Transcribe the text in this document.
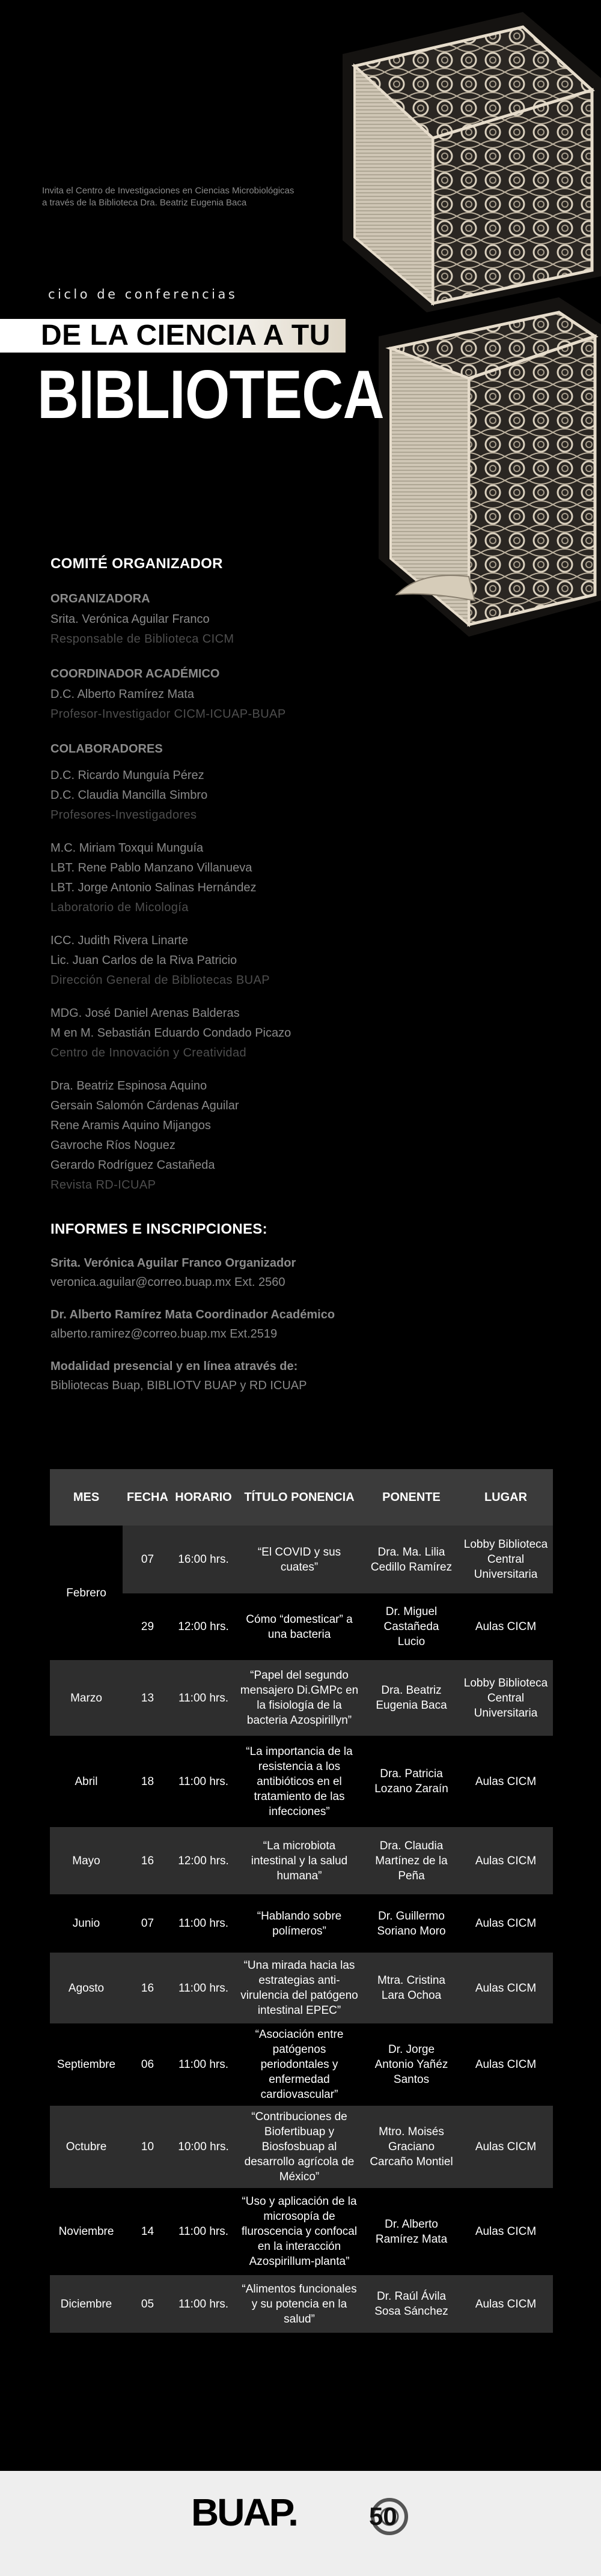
Invita el Centro de Investigaciones en Ciencias Microbiológicas
a través de la Biblioteca Dra. Beatriz Eugenia Baca
ciclo de conferencias
DE LA CIENCIA A TU
BIBLIOTECA
COMITÉ ORGANIZADOR
ORGANIZADORA
Srita. Verónica Aguilar Franco
Responsable de Biblioteca CICM
COORDINADOR ACADÉMICO
D.C. Alberto Ramírez Mata
Profesor-Investigador CICM-ICUAP-BUAP
COLABORADORES
D.C. Ricardo Munguía Pérez
D.C. Claudia Mancilla Simbro
Profesores-Investigadores
M.C. Miriam Toxqui Munguía
LBT. Rene Pablo Manzano Villanueva
LBT. Jorge Antonio Salinas Hernández
Laboratorio de Micología
ICC. Judith Rivera Linarte
Lic. Juan Carlos de la Riva Patricio
Dirección General de Bibliotecas BUAP
MDG. José Daniel Arenas Balderas
M en M. Sebastián Eduardo Condado Picazo
Centro de Innovación y Creatividad
Dra. Beatriz Espinosa Aquino
Gersain Salomón Cárdenas Aguilar
Rene Aramis Aquino Mijangos
Gavroche Ríos Noguez
Gerardo Rodríguez Castañeda
Revista RD-ICUAP
INFORMES E INSCRIPCIONES:
Srita. Verónica Aguilar Franco Organizador
veronica.aguilar@correo.buap.mx Ext. 2560
Dr. Alberto Ramírez Mata Coordinador Académico
alberto.ramirez@correo.buap.mx Ext.2519
Modalidad presencial y en línea através de:
Bibliotecas Buap, BIBLIOTV BUAP y RD ICUAP
MES	FECHA	HORARIO	TÍTULO PONENCIA	PONENTE	LUGAR
Febrero	07	16:00 hrs.	“El COVID y sus cuates”	Dra. Ma. Lilia Cedillo Ramírez	Lobby Biblioteca Central Universitaria
	29	12:00 hrs.	Cómo “domesticar” a una bacteria	Dr. Miguel Castañeda Lucio	Aulas CICM
Marzo	13	11:00 hrs.	“Papel del segundo mensajero Di.GMPc en la fisiología de la bacteria Azospirillyn”	Dra. Beatriz Eugenia Baca	Lobby Biblioteca Central Universitaria
Abril	18	11:00 hrs.	“La importancia de la resistencia a los antibióticos en el tratamiento de las infecciones”	Dra. Patricia Lozano Zaraín	Aulas CICM
Mayo	16	12:00 hrs.	“La microbiota intestinal y la salud humana”	Dra. Claudia Martínez de la Peña	Aulas CICM
Junio	07	11:00 hrs.	“Hablando sobre polímeros”	Dr. Guillermo Soriano Moro	Aulas CICM
Agosto	16	11:00 hrs.	“Una mirada hacia las estrategias anti-virulencia del patógeno intestinal EPEC”	Mtra. Cristina Lara Ochoa	Aulas CICM
Septiembre	06	11:00 hrs.	“Asociación entre patógenos periodontales y enfermedad cardiovascular”	Dr. Jorge Antonio Yañéz Santos	Aulas CICM
Octubre	10	10:00 hrs.	“Contribuciones de Biofertibuap y Biosfosbuap al desarrollo agrícola de México”	Mtro. Moisés Graciano Carcaño Montiel	Aulas CICM
Noviembre	14	11:00 hrs.	“Uso y aplicación de la microsopía de fluroscencia y confocal en la interacción Azospirillum-planta”	Dr. Alberto Ramírez Mata	Aulas CICM
Diciembre	05	11:00 hrs.	“Alimentos funcionales y su potencia en la salud”	Dr. Raúl Ávila Sosa Sánchez	Aulas CICM
BUAP.	50
